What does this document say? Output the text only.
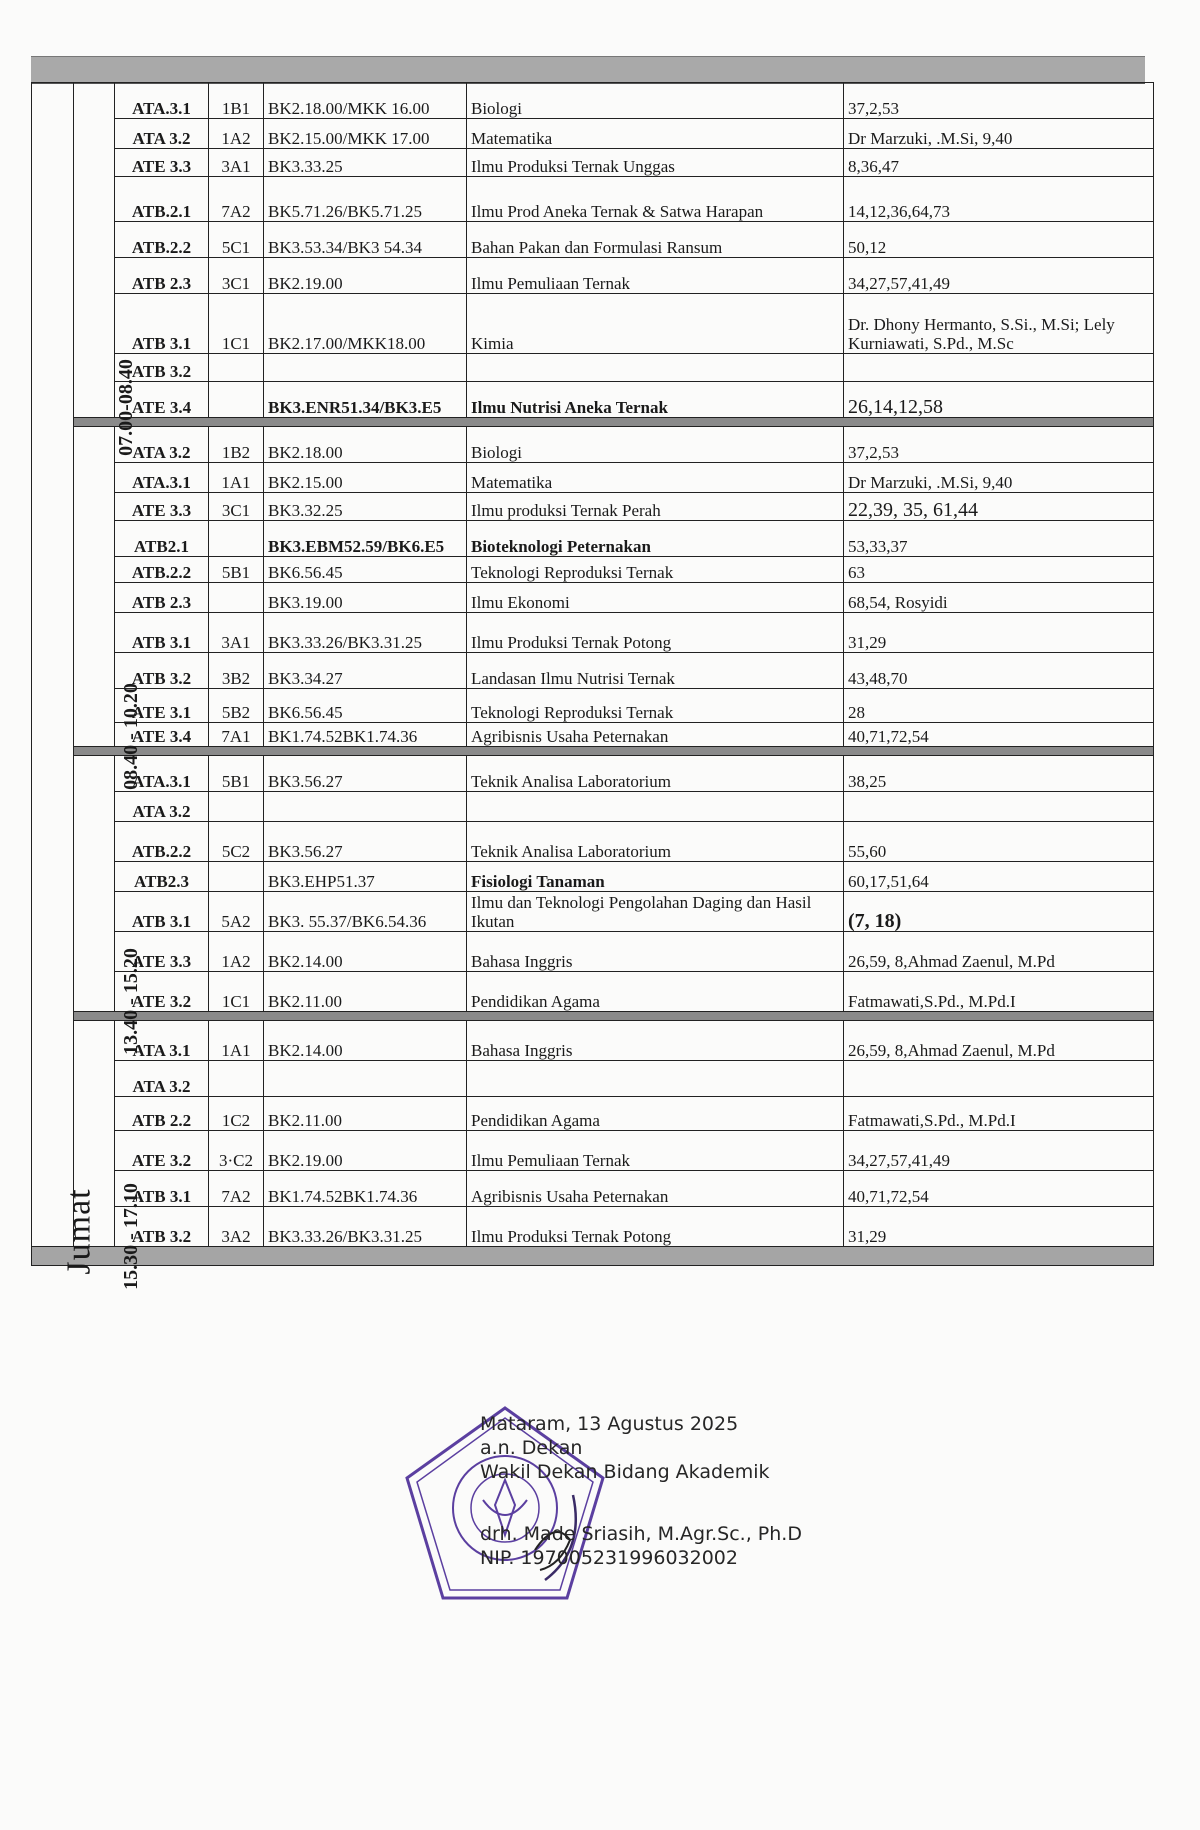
Jumat	07.00-08.40	ATA.3.1	1B1	BK2.18.00/MKK 16.00	Biologi	37,2,53
		ATA 3.2	1A2	BK2.15.00/MKK 17.00	Matematika	Dr Marzuki, .M.Si, 9,40
		ATE 3.3	3A1	BK3.33.25	Ilmu Produksi Ternak Unggas	8,36,47
		ATB.2.1	7A2	BK5.71.26/BK5.71.25	Ilmu Prod Aneka Ternak & Satwa Harapan	14,12,36,64,73
		ATB.2.2	5C1	BK3.53.34/BK3 54.34	Bahan Pakan dan Formulasi Ransum	50,12
		ATB 2.3	3C1	BK2.19.00	Ilmu Pemuliaan Ternak	34,27,57,41,49
		ATB 3.1	1C1	BK2.17.00/MKK18.00	Kimia	Dr. Dhony Hermanto, S.Si., M.Si; Lely Kurniawati, S.Pd., M.Sc
		ATB 3.2				
		ATE 3.4		BK3.ENR51.34/BK3.E5	Ilmu Nutrisi Aneka Ternak	26,14,12,58

	08.40 - 10.20	ATA 3.2	1B2	BK2.18.00	Biologi	37,2,53
		ATA.3.1	1A1	BK2.15.00	Matematika	Dr Marzuki, .M.Si, 9,40
		ATE 3.3	3C1	BK3.32.25	Ilmu produksi Ternak Perah	22,39, 35, 61,44
		ATB2.1		BK3.EBM52.59/BK6.E5	Bioteknologi Peternakan	53,33,37
		ATB.2.2	5B1	BK6.56.45	Teknologi Reproduksi Ternak	63
		ATB 2.3		BK3.19.00	Ilmu Ekonomi	68,54, Rosyidi
		ATB 3.1	3A1	BK3.33.26/BK3.31.25	Ilmu Produksi Ternak Potong	31,29
		ATB 3.2	3B2	BK3.34.27	Landasan Ilmu Nutrisi Ternak	43,48,70
		ATE 3.1	5B2	BK6.56.45	Teknologi Reproduksi Ternak	28
		ATE 3.4	7A1	BK1.74.52BK1.74.36	Agribisnis Usaha Peternakan	40,71,72,54

	13.40 - 15.20	ATA.3.1	5B1	BK3.56.27	Teknik Analisa Laboratorium	38,25
		ATA 3.2				
		ATB.2.2	5C2	BK3.56.27	Teknik Analisa Laboratorium	55,60
		ATB2.3		BK3.EHP51.37	Fisiologi Tanaman	60,17,51,64
		ATB 3.1	5A2	BK3. 55.37/BK6.54.36	Ilmu dan Teknologi Pengolahan Daging dan Hasil Ikutan	(7, 18)
		ATE 3.3	1A2	BK2.14.00	Bahasa Inggris	26,59, 8,Ahmad Zaenul, M.Pd
		ATE 3.2	1C1	BK2.11.00	Pendidikan Agama	Fatmawati,S.Pd., M.Pd.I

	15.30 - 17.10	ATA 3.1	1A1	BK2.14.00	Bahasa Inggris	26,59, 8,Ahmad Zaenul, M.Pd
		ATA 3.2				
		ATB 2.2	1C2	BK2.11.00	Pendidikan Agama	Fatmawati,S.Pd., M.Pd.I
		ATE 3.2	3·C2	BK2.19.00	Ilmu Pemuliaan Ternak	34,27,57,41,49
		ATB 3.1	7A2	BK1.74.52BK1.74.36	Agribisnis Usaha Peternakan	40,71,72,54
		ATB 3.2	3A2	BK3.33.26/BK3.31.25	Ilmu Produksi Ternak Potong	31,29

Mataram, 13 Agustus 2025
a.n. Dekan
Wakil Dekan Bidang Akademik
drh. Made Sriasih, M.Agr.Sc., Ph.D
NIP. 197005231996032002
